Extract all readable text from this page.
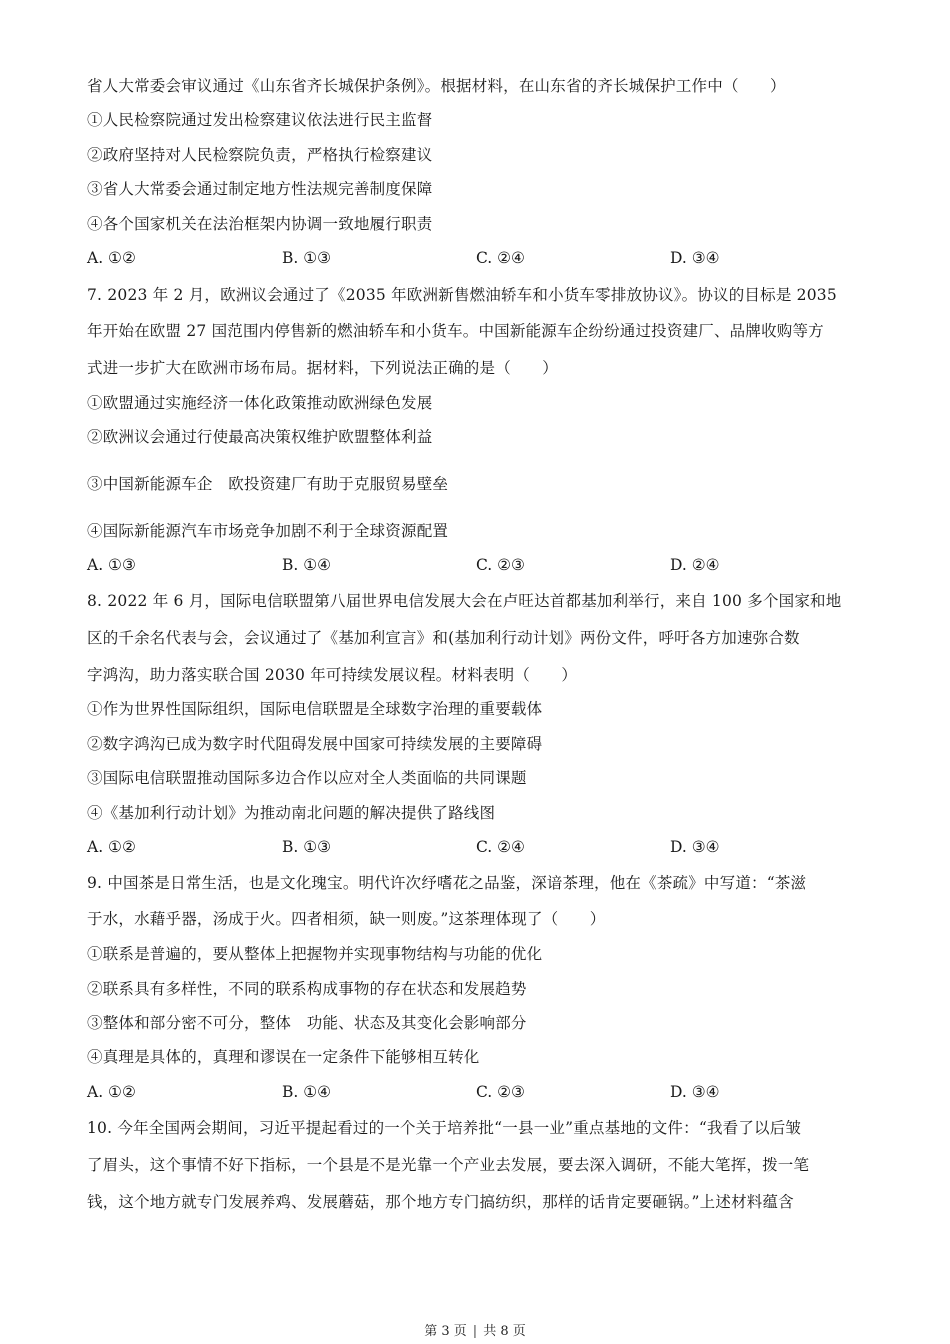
省人大常委会审议通过《山东省齐长城保护条例》。根据材料，在山东省的齐长城保护工作中（　　）
①人民检察院通过发出检察建议依法进行民主监督
②政府坚持对人民检察院负责，严格执行检察建议
③省人大常委会通过制定地方性法规完善制度保障
④各个国家机关在法治框架内协调一致地履行职责
A. ①②	B. ①③	C. ②④	D. ③④
7. 2023 年 2 月，欧洲议会通过了《2035 年欧洲新售燃油轿车和小货车零排放协议》。协议的目标是 2035
年开始在欧盟 27 国范围内停售新的燃油轿车和小货车。中国新能源车企纷纷通过投资建厂、品牌收购等方
式进一步扩大在欧洲市场布局。据材料，下列说法正确的是（　　）
①欧盟通过实施经济一体化政策推动欧洲绿色发展
②欧洲议会通过行使最高决策权维护欧盟整体利益
③中国新能源车企　欧投资建厂有助于克服贸易壁垒
④国际新能源汽车市场竞争加剧不利于全球资源配置
A. ①③	B. ①④	C. ②③	D. ②④
8. 2022 年 6 月，国际电信联盟第八届世界电信发展大会在卢旺达首都基加利举行，来自 100 多个国家和地
区的千余名代表与会，会议通过了《基加利宣言》和(基加利行动计划》两份文件，呼吁各方加速弥合数
字鸿沟，助力落实联合国 2030 年可持续发展议程。材料表明（　　）
①作为世界性国际组织，国际电信联盟是全球数字治理的重要载体
②数字鸿沟已成为数字时代阻碍发展中国家可持续发展的主要障碍
③国际电信联盟推动国际多边合作以应对全人类面临的共同课题
④《基加利行动计划》为推动南北问题的解决提供了路线图
A. ①②	B. ①③	C. ②④	D. ③④
9. 中国茶是日常生活，也是文化瑰宝。明代许次纾嗜花之品鉴，深谙茶理，他在《茶疏》中写道：“茶滋
于水，水藉乎器，汤成于火。四者相须，缺一则废。”这茶理体现了（　　）
①联系是普遍的，要从整体上把握物并实现事物结构与功能的优化
②联系具有多样性，不同的联系构成事物的存在状态和发展趋势
③整体和部分密不可分，整体　功能、状态及其变化会影响部分
④真理是具体的，真理和谬误在一定条件下能够相互转化
A. ①②	B. ①④	C. ②③	D. ③④
10. 今年全国两会期间，习近平提起看过的一个关于培养批“一县一业”重点基地的文件：“我看了以后皱
了眉头，这个事情不好下指标，一个县是不是光靠一个产业去发展，要去深入调研，不能大笔挥，拨一笔
钱，这个地方就专门发展养鸡、发展蘑菇，那个地方专门搞纺织，那样的话肯定要砸锅。”上述材料蕴含
第 3 页 | 共 8 页
